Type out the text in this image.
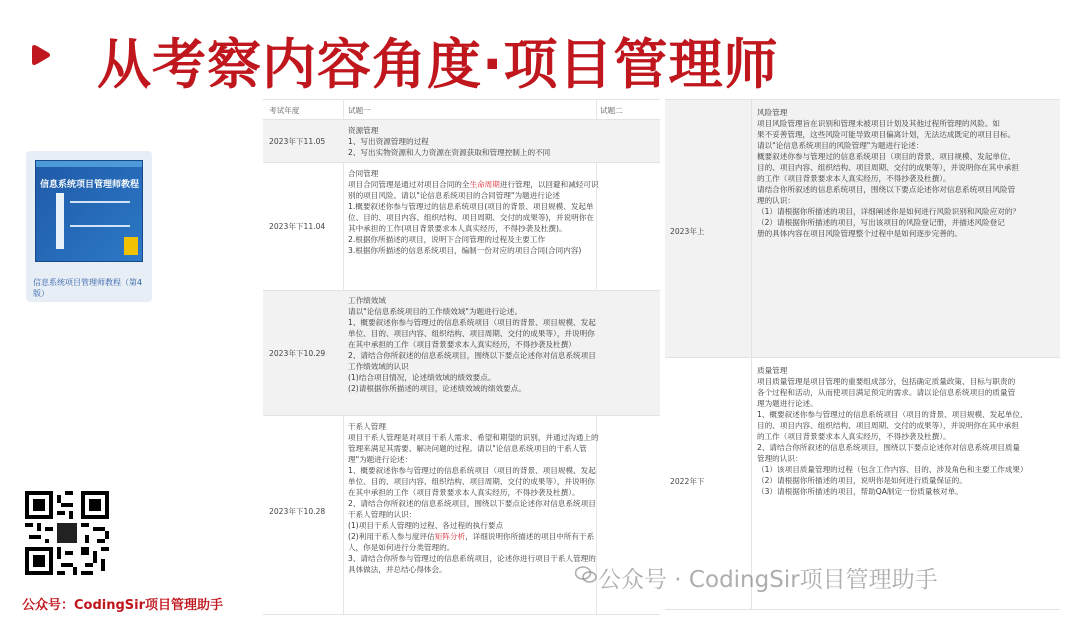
从考察内容角度·项目管理师
信息系统项目管理师教程
信息系统项目管理师教程（第4版）
公众号：CodingSir项目管理助手
考试年度	试题一	试题二
2023年下11.05

资源管理

1、写出资源管理的过程

2、写出实物资源和人力资源在资源获取和管理控制上的不同

2023年下11.04

合同管理

项目合同管理是通过对项目合同的全生命周期进行管理，以回避和减轻可识别的项目风险。请以"论信息系统项目的合同管理"为题进行论述

1.概要叙述你参与管理过的信息系统项目(项目的背景、项目规模、发起单位、目的、项目内容、组织结构、项目周期、交付的成果等)，并说明你在其中承担的工作(项目背景要求本人真实经历，不得抄袭及杜撰)。

2.根据你所描述的项目，说明下合同管理的过程及主要工作

3.根据你所描述的信息系统项目，编制一份对应的项目合同(合同内容)

2023年下10.29

工作绩效域

请以"论信息系统项目的工作绩效域"为题进行论述。

1、概要叙述你参与管理过的信息系统项目（项目的背景、项目规模、发起单位、目的、项目内容、组织结构、项目周期、交付的成果等），并说明你在其中承担的工作（项目背景要求本人真实经历，不得抄袭及杜撰）

2、请结合你所叙述的信息系统项目，围绕以下要点论述你对信息系统项目工作绩效域的认识

(1)结合项目情况，论述绩效域的绩效要点。

(2)请根据你所描述的项目，论述绩效域的绩效要点。

2023年下10.28

干系人管理

项目干系人管理是对项目干系人需求、希望和期望的识别，并通过沟通上的管理来满足其需要、解决问题的过程。请以"论信息系统项目的干系人管理"为题进行论述：

1、概要叙述你参与管理过的信息系统项目（项目的背景、项目规模、发起单位、目的、项目内容、组织结构、项目周期、交付的成果等），并说明你在其中承担的工作（项目背景要求本人真实经历，不得抄袭及杜撰）。

2、请结合你所叙述的信息系统项目，围绕以下要点论述你对信息系统项目干系人管理的认识：

(1)项目干系人管理的过程、各过程的执行要点

(2)利用干系人参与度评估矩阵分析，详细说明你所描述的项目中所有干系人，你是如何进行分类管理的。

3、请结合你所参与管理过的信息系统项目，论述你进行项目干系人管理的具体做法，并总结心得体会。

2023年上

风险管理

项目风险管理旨在识别和管理未被项目计划及其他过程所管理的风险。如

果不妥善管理，这些风险可能导致项目偏离计划，无法达成既定的项目目标。

请以"论信息系统项目的风险管理"为题进行论述：

概要叙述你参与管理过的信息系统项目（项目的背景、项目规模、发起单位、

目的、项目内容、组织结构、项目周期、交付的成果等），并说明你在其中承担

的工作（项目背景要求本人真实经历，不得抄袭及杜撰）。

请结合你所叙述的信息系统项目，围绕以下要点论述你对信息系统项目风险管

理的认识：

（1）请根据你所描述的项目，详细阐述你是如何进行风险识别和风险应对的？

（2）请根据你所描述的项目，写出该项目的风险登记册，并描述风险登记

册的具体内容在项目风险管理整个过程中是如何逐步完善的。

2022年下

质量管理

项目质量管理是项目管理的重要组成部分，包括确定质量政策、目标与职责的

各个过程和活动，从而使项目满足预定的需求。请以论信息系统项目的质量管

理为题进行论述。

1、概要叙述你参与管理过的信息系统项目（项目的背景、项目规模、发起单位、

目的、项目内容、组织结构、项目周期、交付的成果等），并说明你在其中承担

的工作（项目背景要求本人真实经历，不得抄袭及杜撰）。

2、请结合你所叙述的信息系统项目，围绕以下要点论述你对信息系统项目质量

管理的认识：

（1）该项目质量管理的过程（包含工作内容、目的、涉及角色和主要工作成果）

（2）请根据你所描述的项目，说明你是如何进行质量保证的。

（3）请根据你所描述的项目，帮助QA制定一份质量核对单。

公众号 · CodingSir项目管理助手
